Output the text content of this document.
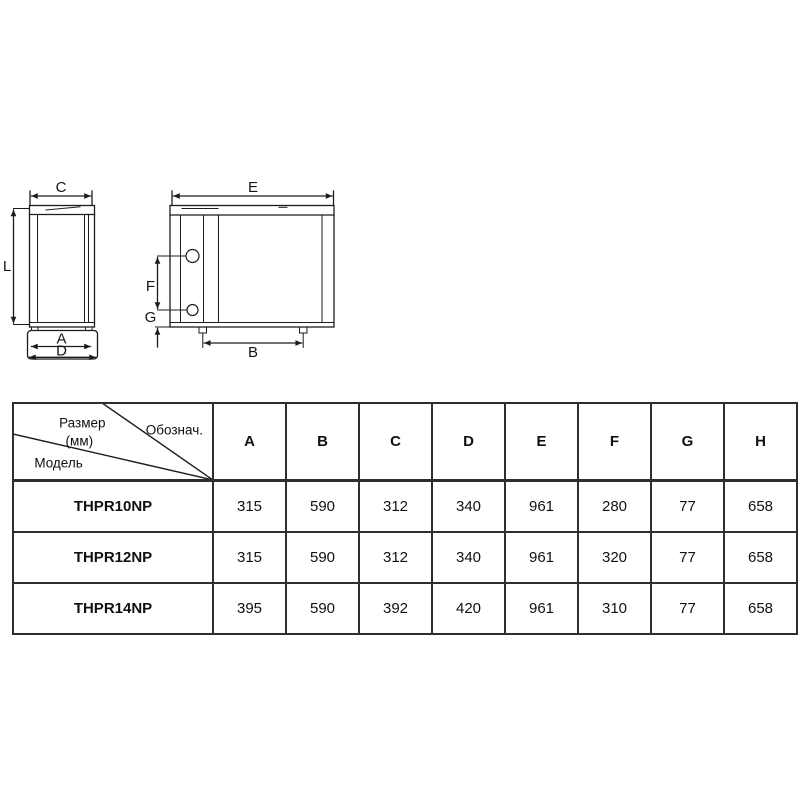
C
A
D
L
E
F
G
B
Размер
(мм)
Обознач.
Модель	A	B	C	D	E	F	G	H
THPR10NP	315	590	312	340	961	280	77	658
THPR12NP	315	590	312	340	961	320	77	658
THPR14NP	395	590	392	420	961	310	77	658
